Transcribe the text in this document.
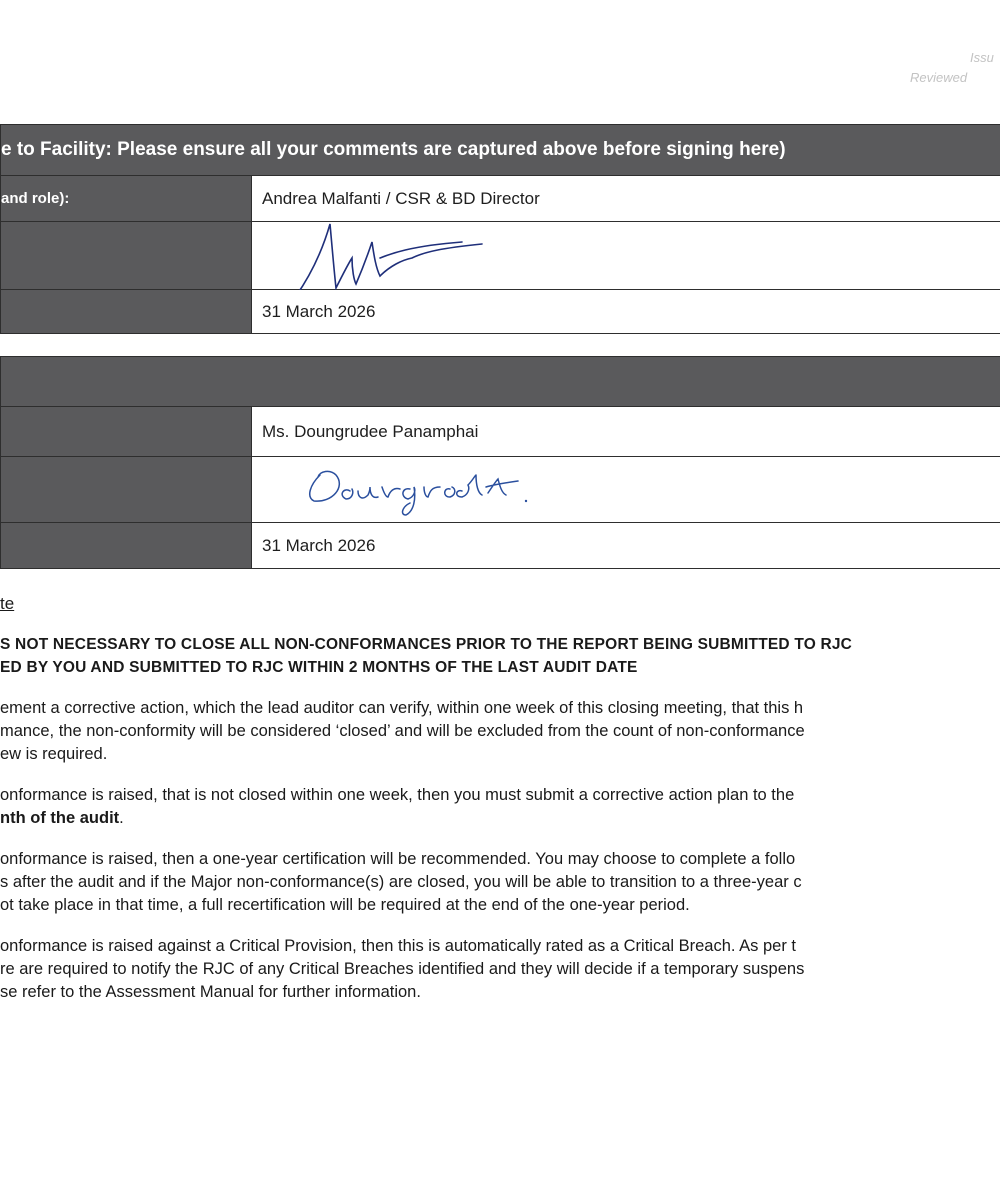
Issu
Reviewed
e to Facility: Please ensure all your comments are captured above before signing here)	

and role):	Andrea Malfanti / CSR & BD Director

	31 March 2026

	Ms. Doungrudee Panamphai

	31 March 2026

te

S NOT NECESSARY TO CLOSE ALL NON-CONFORMANCES PRIOR TO THE REPORT BEING SUBMITTED TO RJC

ED BY YOU AND SUBMITTED TO RJC WITHIN 2 MONTHS OF THE LAST AUDIT DATE

ement a corrective action, which the lead auditor can verify, within one week of this closing meeting, that this h

mance, the non-conformity will be considered ‘closed’ and will be excluded from the count of non-conformance

ew is required.

onformance is raised, that is not closed within one week, then you must submit a corrective action plan to the

nth of the audit.

onformance is raised, then a one-year certification will be recommended. You may choose to complete a follo

s after the audit and if the Major non-conformance(s) are closed, you will be able to transition to a three-year c

ot take place in that time, a full recertification will be required at the end of the one-year period.

onformance is raised against a Critical Provision, then this is automatically rated as a Critical Breach. As per t

re are required to notify the RJC of any Critical Breaches identified and they will decide if a temporary suspens

se refer to the Assessment Manual for further information.
